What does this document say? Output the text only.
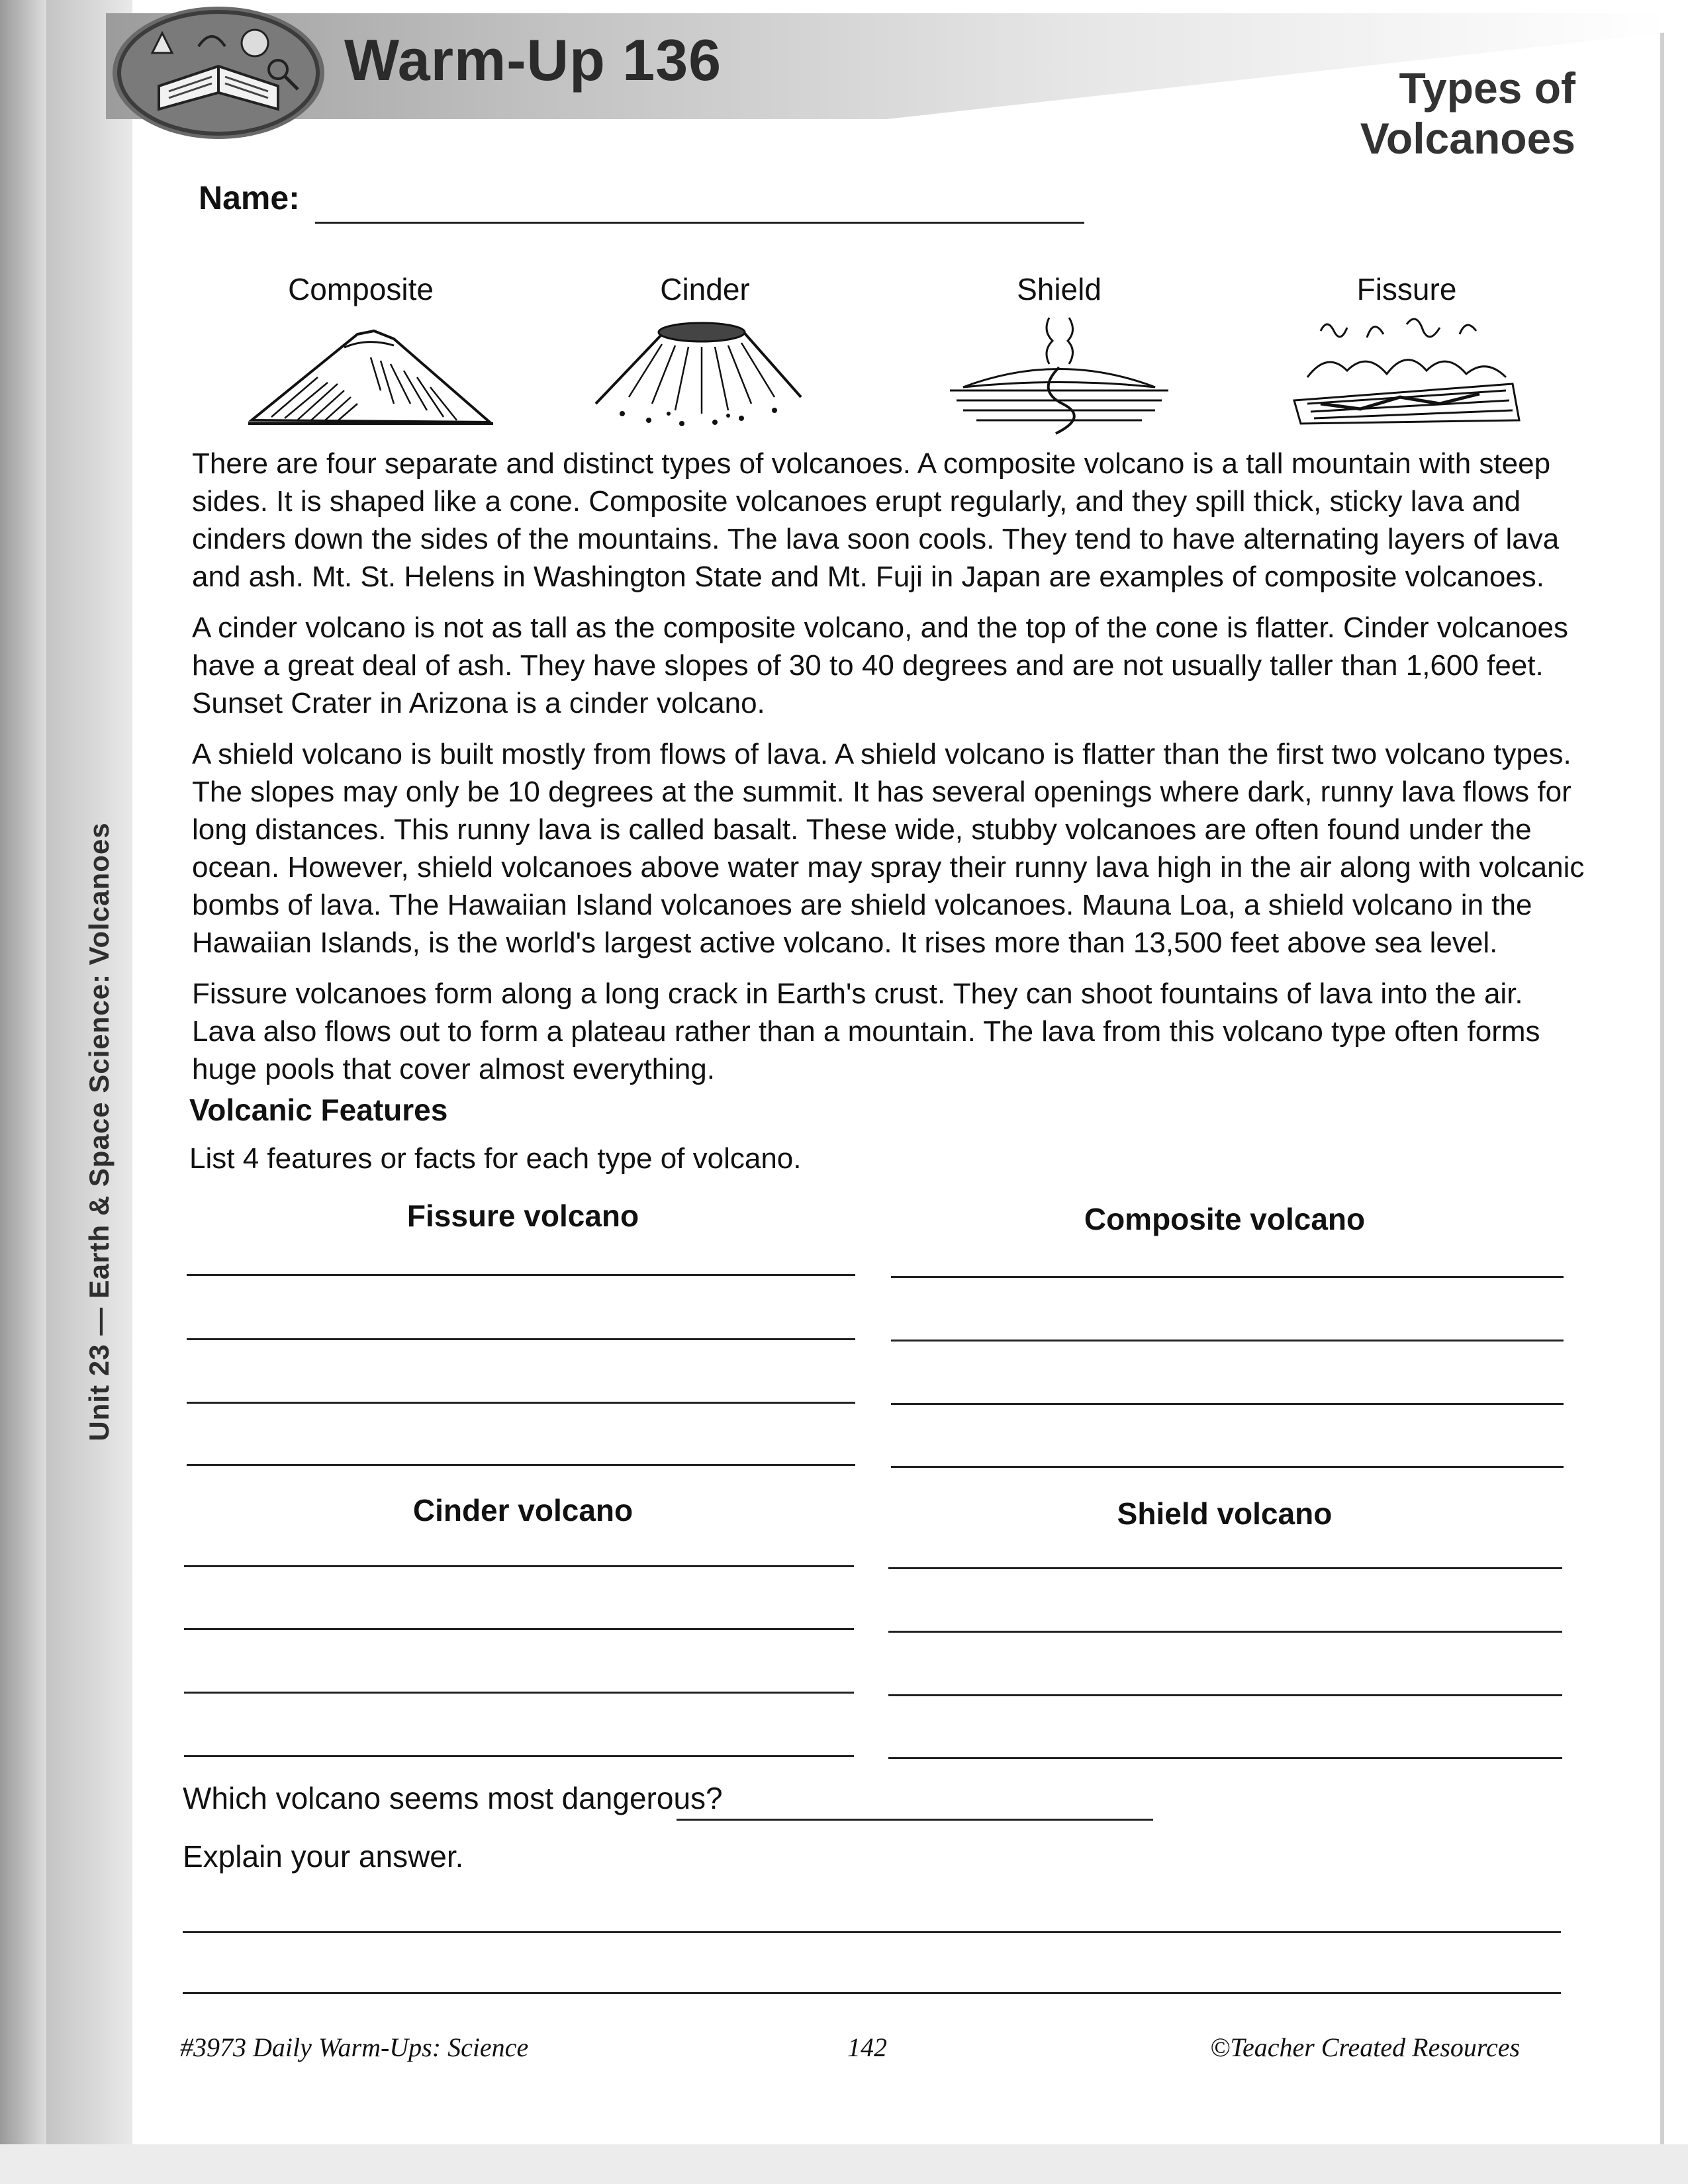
Warm-Up 136	Types of Volcanoes
Name:
Composite	Cinder	Shield	Fissure

There are four separate and distinct types of volcanoes. A composite volcano is a tall mountain with steep sides. It is shaped like a cone. Composite volcanoes erupt regularly, and they spill thick, sticky lava and cinders down the sides of the mountains. The lava soon cools. They tend to have alternating layers of lava and ash. Mt. St. Helens in Washington State and Mt. Fuji in Japan are examples of composite volcanoes.

A cinder volcano is not as tall as the composite volcano, and the top of the cone is flatter. Cinder volcanoes have a great deal of ash. They have slopes of 30 to 40 degrees and are not usually taller than 1,600 feet. Sunset Crater in Arizona is a cinder volcano.

A shield volcano is built mostly from flows of lava. A shield volcano is flatter than the first two volcano types. The slopes may only be 10 degrees at the summit. It has several openings where dark, runny lava flows for long distances. This runny lava is called basalt. These wide, stubby volcanoes are often found under the ocean. However, shield volcanoes above water may spray their runny lava high in the air along with volcanic bombs of lava. The Hawaiian Island volcanoes are shield volcanoes. Mauna Loa, a shield volcano in the Hawaiian Islands, is the world's largest active volcano. It rises more than 13,500 feet above sea level.

Fissure volcanoes form along a long crack in Earth's crust. They can shoot fountains of lava into the air. Lava also flows out to form a plateau rather than a mountain. The lava from this volcano type often forms huge pools that cover almost everything.

Volcanic Features
List 4 features or facts for each type of volcano.
Fissure volcano	Composite volcano
Cinder volcano	Shield volcano
Which volcano seems most dangerous?
Explain your answer.
#3973 Daily Warm-Ups: Science	142	©Teacher Created Resources
Unit 23 — Earth & Space Science: Volcanoes
